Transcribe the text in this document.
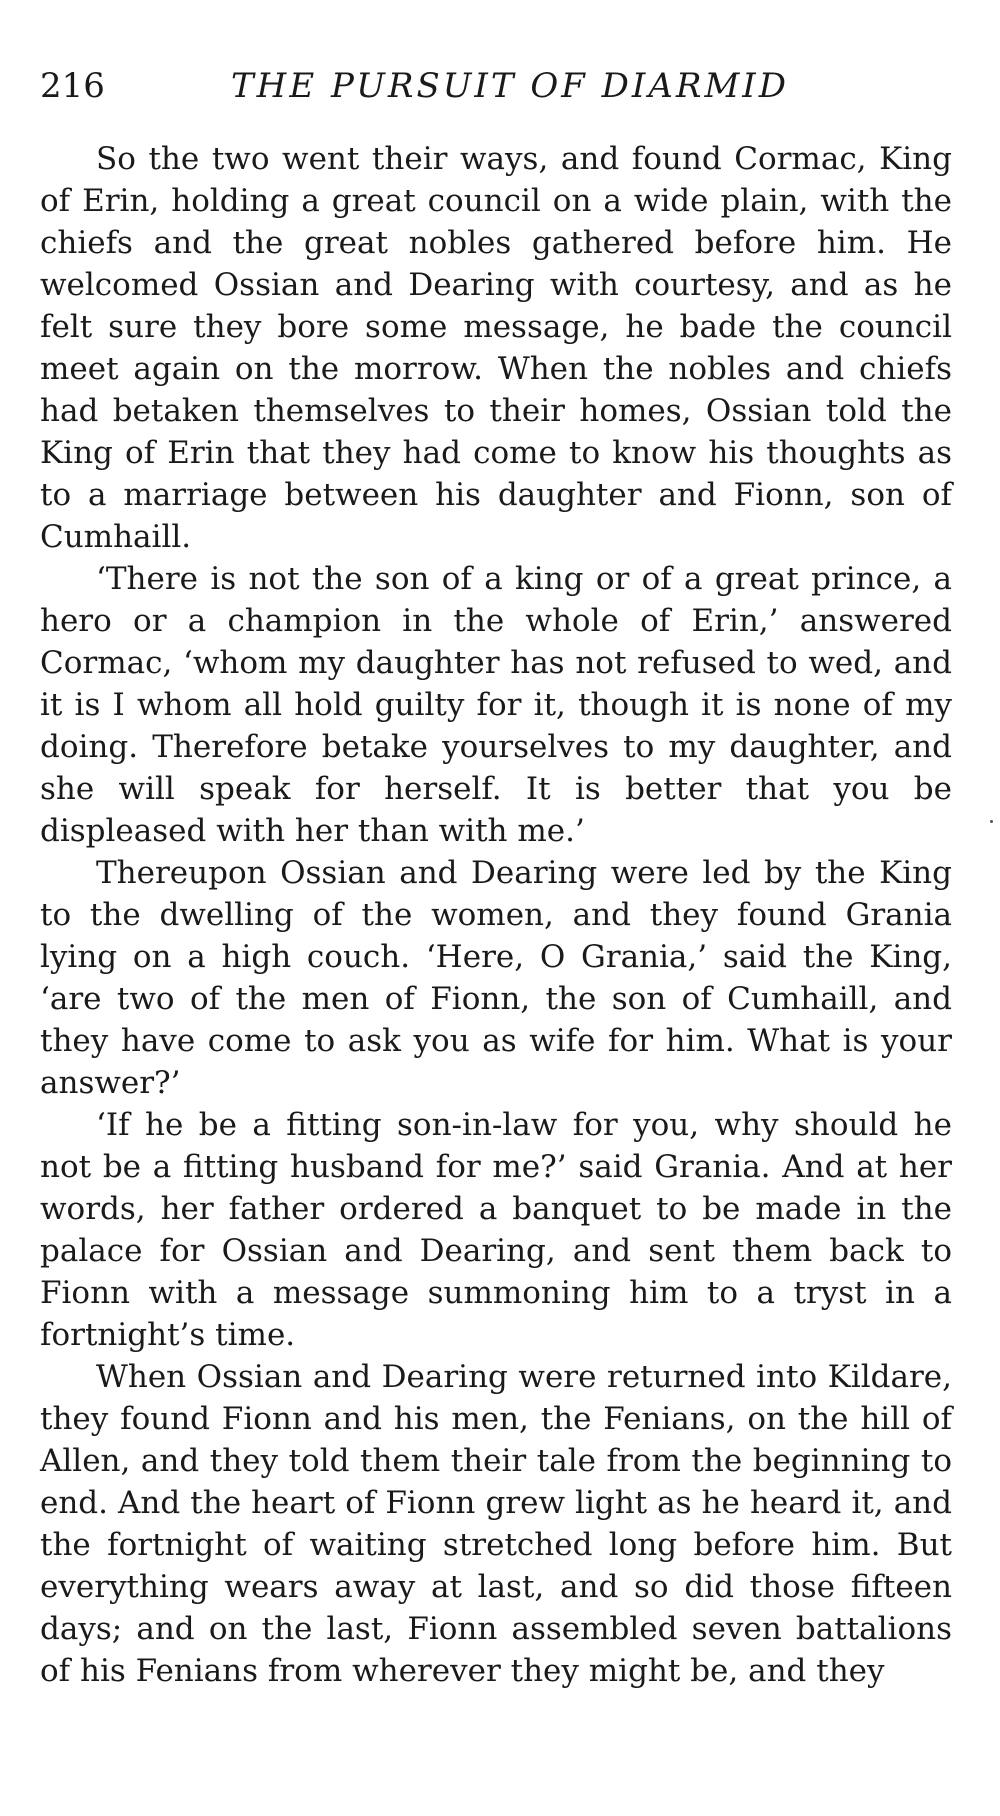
216	THE PURSUIT OF DIARMID

So the two went their ways, and found Cormac, King of Erin, holding a great council on a wide plain, with the chiefs and the great nobles gathered before him. He welcomed Ossian and Dearing with courtesy, and as he felt sure they bore some message, he bade the council meet again on the morrow. When the nobles and chiefs had betaken themselves to their homes, Ossian told the King of Erin that they had come to know his thoughts as to a marriage between his daughter and Fionn, son of Cumhaill.

‘There is not the son of a king or of a great prince, a hero or a champion in the whole of Erin,’ answered Cormac, ‘whom my daughter has not refused to wed, and it is I whom all hold guilty for it, though it is none of my doing. Therefore betake yourselves to my daughter, and she will speak for herself. It is better that you be displeased with her than with me.’

Thereupon Ossian and Dearing were led by the King to the dwelling of the women, and they found Grania lying on a high couch. ‘Here, O Grania,’ said the King, ‘are two of the men of Fionn, the son of Cumhaill, and they have come to ask you as wife for him. What is your answer?’

‘If he be a fitting son-in-law for you, why should he not be a fitting husband for me?’ said Grania. And at her words, her father ordered a banquet to be made in the palace for Ossian and Dearing, and sent them back to Fionn with a message summoning him to a tryst in a fortnight’s time.

When Ossian and Dearing were returned into Kildare, they found Fionn and his men, the Fenians, on the hill of Allen, and they told them their tale from the beginning to end. And the heart of Fionn grew light as he heard it, and the fortnight of waiting stretched long before him. But everything wears away at last, and so did those fifteen days; and on the last, Fionn assembled seven battalions of his Fenians from wherever they might be, and they
